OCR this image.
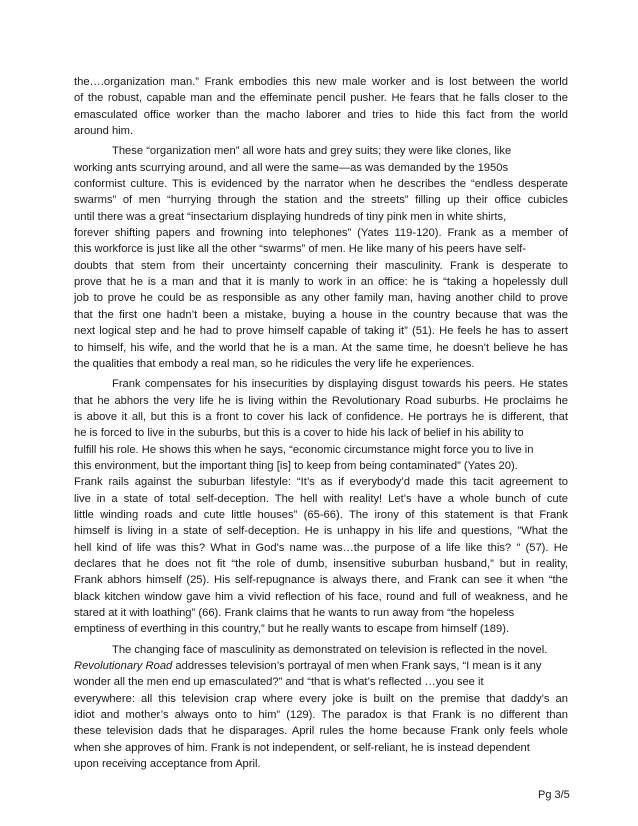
the….organization man.” Frank embodies this new male worker and is lost between the world
of the robust, capable man and the effeminate pencil pusher. He fears that he falls closer to the
emasculated office worker than the macho laborer and tries to hide this fact from the world
around him.
These “organization men” all wore hats and grey suits; they were like clones, like
working ants scurrying around, and all were the same—as was demanded by the 1950s
conformist culture. This is evidenced by the narrator when he describes the “endless desperate
swarms” of men “hurrying through the station and the streets” filling up their office cubicles
until there was a great “insectarium displaying hundreds of tiny pink men in white shirts,
forever shifting papers and frowning into telephones” (Yates 119-120). Frank as a member of
this workforce is just like all the other “swarms” of men. He like many of his peers have self-
doubts that stem from their uncertainty concerning their masculinity. Frank is desperate to
prove that he is a man and that it is manly to work in an office: he is “taking a hopelessly dull
job to prove he could be as responsible as any other family man, having another child to prove
that the first one hadn’t been a mistake, buying a house in the country because that was the
next logical step and he had to prove himself capable of taking it” (51). He feels he has to assert
to himself, his wife, and the world that he is a man. At the same time, he doesn’t believe he has
the qualities that embody a real man, so he ridicules the very life he experiences.
Frank compensates for his insecurities by displaying disgust towards his peers. He states
that he abhors the very life he is living within the Revolutionary Road suburbs. He proclaims he
is above it all, but this is a front to cover his lack of confidence. He portrays he is different, that
he is forced to live in the suburbs, but this is a cover to hide his lack of belief in his ability to
fulfill his role. He shows this when he says, “economic circumstance might force you to live in
this environment, but the important thing [is] to keep from being contaminated” (Yates 20).
Frank rails against the suburban lifestyle: “It’s as if everybody’d made this tacit agreement to
live in a state of total self-deception. The hell with reality! Let’s have a whole bunch of cute
little winding roads and cute little houses” (65-66). The irony of this statement is that Frank
himself is living in a state of self-deception. He is unhappy in his life and questions, "What the
hell kind of life was this? What in God's name was…the purpose of a life like this? " (57). He
declares that he does not fit “the role of dumb, insensitive suburban husband,” but in reality,
Frank abhors himself (25). His self-repugnance is always there, and Frank can see it when “the
black kitchen window gave him a vivid reflection of his face, round and full of weakness, and he
stared at it with loathing” (66). Frank claims that he wants to run away from “the hopeless
emptiness of everthing in this country,” but he really wants to escape from himself (189).
The changing face of masculinity as demonstrated on television is reflected in the novel.
Revolutionary Road addresses television’s portrayal of men when Frank says, “I mean is it any
wonder all the men end up emasculated?” and “that is what’s reflected …you see it
everywhere: all this television crap where every joke is built on the premise that daddy’s an
idiot and mother’s always onto to him” (129). The paradox is that Frank is no different than
these television dads that he disparages. April rules the home because Frank only feels whole
when she approves of him. Frank is not independent, or self-reliant, he is instead dependent
upon receiving acceptance from April.
Pg 3/5
